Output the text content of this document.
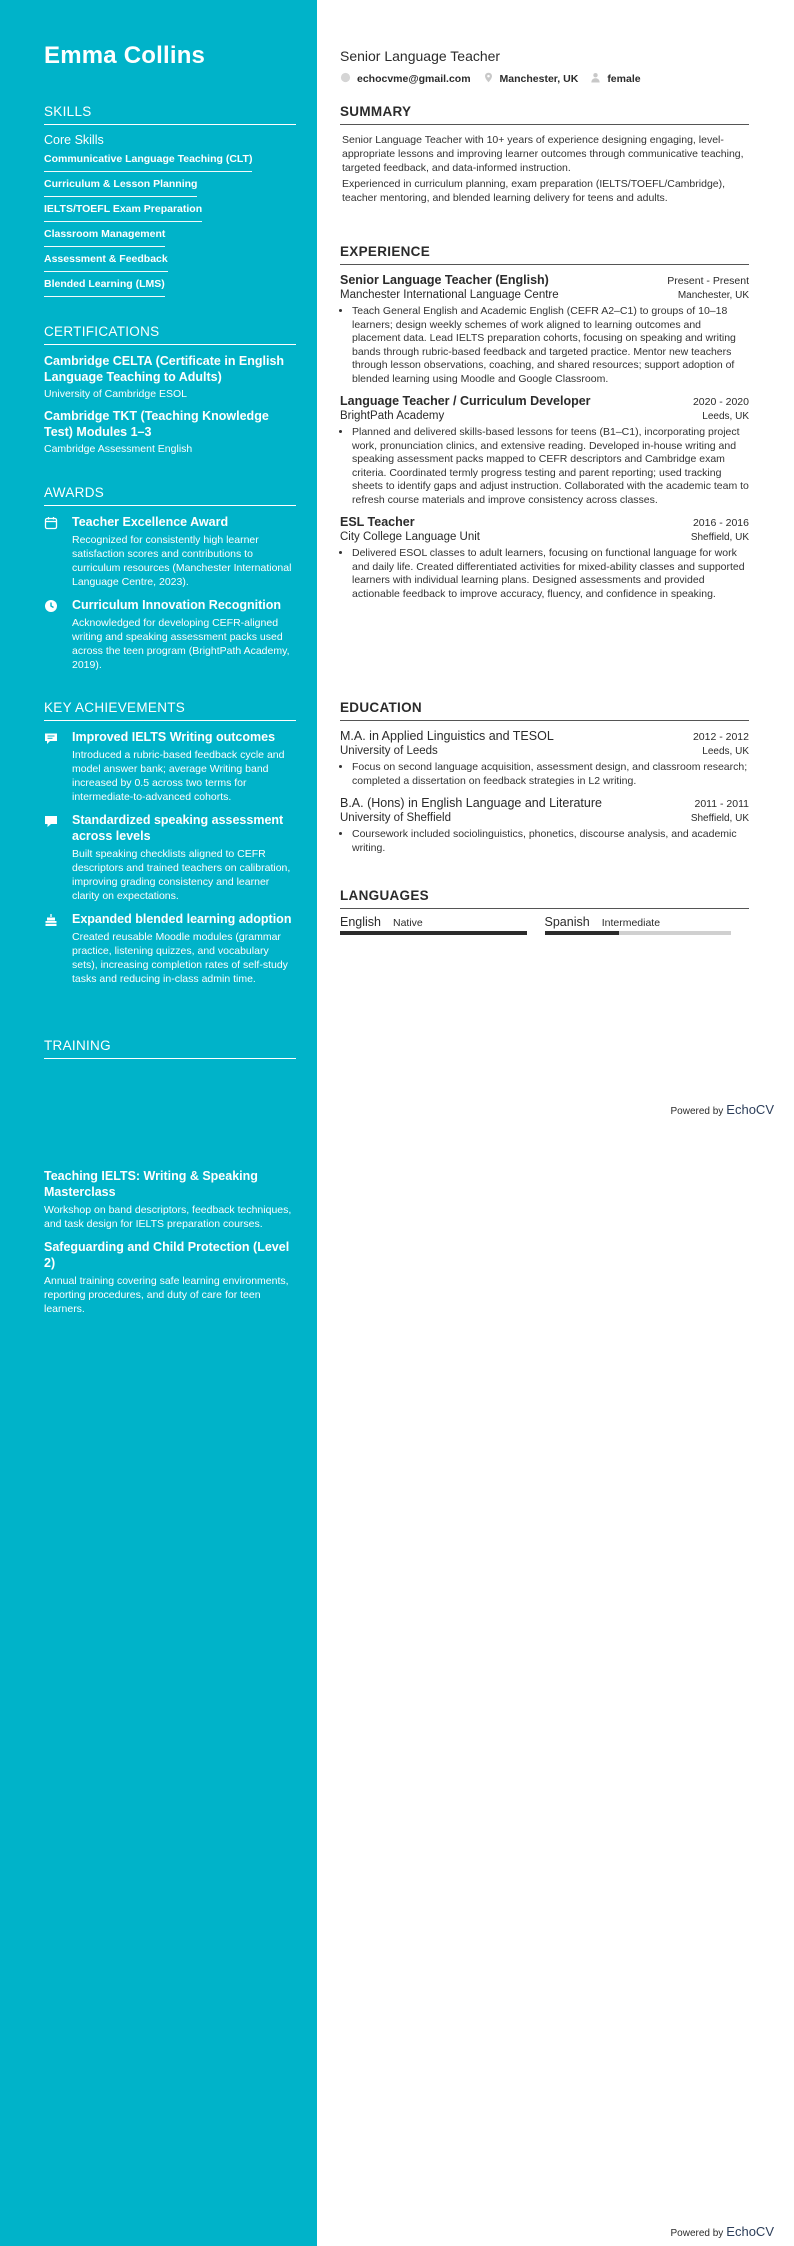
Emma Collins
SKILLS
Core Skills
Communicative Language Teaching (CLT)
Curriculum & Lesson Planning
IELTS/TOEFL Exam Preparation
Classroom Management
Assessment & Feedback
Blended Learning (LMS)
CERTIFICATIONS
Cambridge CELTA (Certificate in English Language Teaching to Adults)
University of Cambridge ESOL
Cambridge TKT (Teaching Knowledge Test) Modules 1–3
Cambridge Assessment English
AWARDS
Teacher Excellence Award
Recognized for consistently high learner satisfaction scores and contributions to curriculum resources (Manchester International Language Centre, 2023).
Curriculum Innovation Recognition
Acknowledged for developing CEFR-aligned writing and speaking assessment packs used across the teen program (BrightPath Academy, 2019).
KEY ACHIEVEMENTS
Improved IELTS Writing outcomes
Introduced a rubric-based feedback cycle and model answer bank; average Writing band increased by 0.5 across two terms for intermediate-to-advanced cohorts.
Standardized speaking assessment across levels
Built speaking checklists aligned to CEFR descriptors and trained teachers on calibration, improving grading consistency and learner clarity on expectations.
Expanded blended learning adoption
Created reusable Moodle modules (grammar practice, listening quizzes, and vocabulary sets), increasing completion rates of self-study tasks and reducing in-class admin time.
TRAINING
Teaching IELTS: Writing & Speaking Masterclass
Workshop on band descriptors, feedback techniques, and task design for IELTS preparation courses.
Safeguarding and Child Protection (Level 2)
Annual training covering safe learning environments, reporting procedures, and duty of care for teen learners.
Senior Language Teacher
echocvme@gmail.com	Manchester, UK	female
SUMMARY

Senior Language Teacher with 10+ years of experience designing engaging, level-appropriate lessons and improving learner outcomes through communicative teaching, targeted feedback, and data-informed instruction.

Experienced in curriculum planning, exam preparation (IELTS/TOEFL/Cambridge), teacher mentoring, and blended learning delivery for teens and adults.

EXPERIENCE
Senior Language Teacher (English)	Present - Present
Manchester International Language Centre	Manchester, UK
• Teach General English and Academic English (CEFR A2–C1) to groups of 10–18 learners; design weekly schemes of work aligned to learning outcomes and placement data. Lead IELTS preparation cohorts, focusing on speaking and writing bands through rubric-based feedback and targeted practice. Mentor new teachers through lesson observations, coaching, and shared resources; support adoption of blended learning using Moodle and Google Classroom.
Language Teacher / Curriculum Developer	2020 - 2020
BrightPath Academy	Leeds, UK
• Planned and delivered skills-based lessons for teens (B1–C1), incorporating project work, pronunciation clinics, and extensive reading. Developed in-house writing and speaking assessment packs mapped to CEFR descriptors and Cambridge exam criteria. Coordinated termly progress testing and parent reporting; used tracking sheets to identify gaps and adjust instruction. Collaborated with the academic team to refresh course materials and improve consistency across classes.
ESL Teacher	2016 - 2016
City College Language Unit	Sheffield, UK
• Delivered ESOL classes to adult learners, focusing on functional language for work and daily life. Created differentiated activities for mixed-ability classes and supported learners with individual learning plans. Designed assessments and provided actionable feedback to improve accuracy, fluency, and confidence in speaking.
EDUCATION
M.A. in Applied Linguistics and TESOL	2012 - 2012
University of Leeds	Leeds, UK
• Focus on second language acquisition, assessment design, and classroom research; completed a dissertation on feedback strategies in L2 writing.
B.A. (Hons) in English Language and Literature	2011 - 2011
University of Sheffield	Sheffield, UK
• Coursework included sociolinguistics, phonetics, discourse analysis, and academic writing.
LANGUAGES
English Native	Spanish Intermediate
Powered by EchoCV
Powered by EchoCV
